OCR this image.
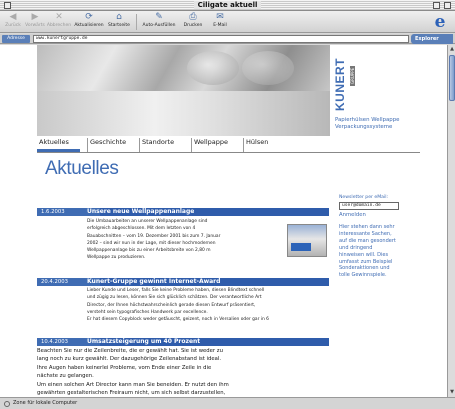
Ciligate aktuell
◀
Zurück
▶
Vorwärts
✕
Abbrechen
⟳
Aktualisieren
⌂
Startseite
✎
Auto-Ausfüllen
⎙
Drucken
✉
E-Mail	e
Adresse	www.kunertgruppe.de	Explorer
KUNERT GRUPPE
Papierhülsen Wellpappe
Verpackungssysteme
Aktuelles	Geschichte	Standorte	Wellpappe	Hülsen
Aktuelles
1.6.2003	Unsere neue Wellpappenanlage
Die Umbauarbeiten an unserer Wellpappenanlage sind
erfolgreich abgeschlossen. Mit dem letzten von 4
Bauabschnitten – vom 19. Dezember 2001 bis zum 7. Januar
2002 – sind wir nun in der Lage, mit dieser hochmodernen
Wellpappenanlage bis zu einer Arbeitsbreite von 2,80 m
Wellpappe zu produzieren.
20.4.2003	Kunert-Gruppe gewinnt Internet-Award
Lieber Kunde und Leser, falls Sie keine Probleme haben, diesen Blindtext schnell
und zügig zu lesen, können Sie sich glücklich schätzen. Der verantwortliche Art
Director, der Ihnen höchstwahrscheinlich gerade diesen Entwurf präsentiert,
versteht sein typografisches Handwerk par excellence.
Er hat diesem Copyblock weder getäuscht, geizent, noch in Versalien oder gar in 6
10.4.2003	Umsatzsteigerung um 40 Prozent
Beachten Sie nur die Zeilenbreite, die er gewählt hat. Sie ist weder zu
lang noch zu kurz gewählt. Der dazugehörige Zeilenabstand ist ideal.
Ihre Augen haben keinerlei Probleme, vom Ende einer Zeile in die
nächste zu gelangen.
Um einen solchen Art Director kann man Sie beneiden. Er nutzt den ihm
gewährten gestalterischen Freiraum nicht, um sich selbst darzustellen,
Newsletter per eMail:
user@domain.de
Anmelden
Hier stehen dann sehr
interessante Sachen,
auf die man gesondert
und dringend
hinweisen will. Dies
umfasst zum Beispiel
Sonderaktionen und
tolle Gewinnspiele.
▲
▼
Zone für lokale Computer
